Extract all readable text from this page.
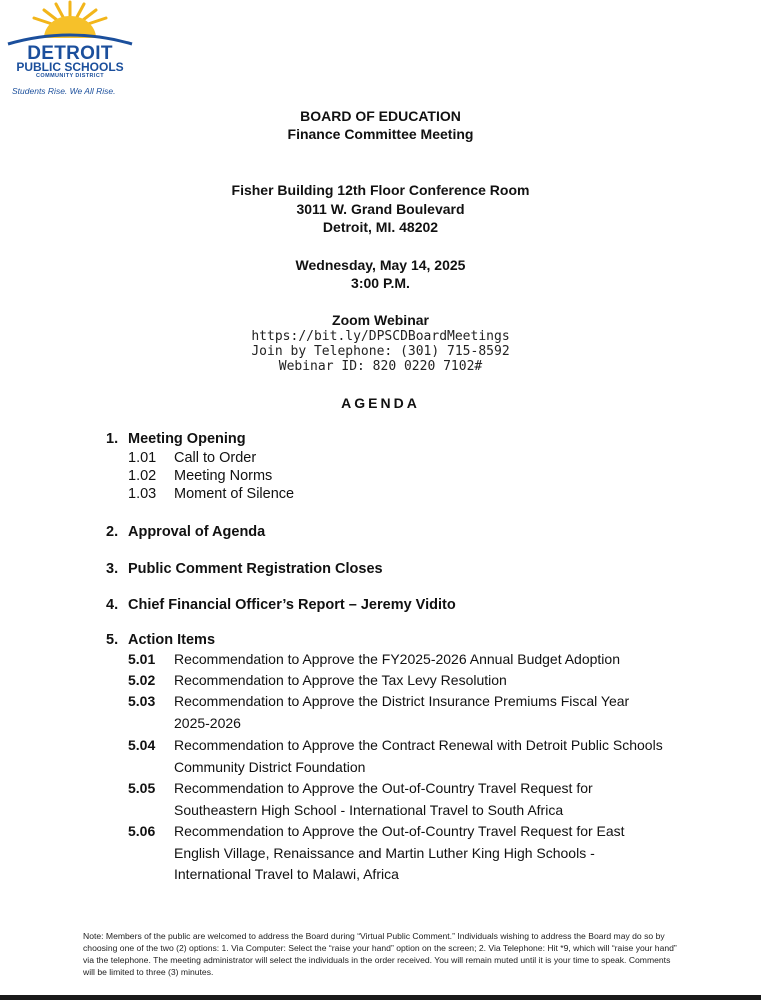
DETROIT
PUBLIC SCHOOLS
COMMUNITY DISTRICT
Students Rise. We All Rise.
BOARD OF EDUCATION
Finance Committee Meeting
Fisher Building 12th Floor Conference Room
3011 W. Grand Boulevard
Detroit, MI. 48202
Wednesday, May 14, 2025
3:00 P.M.
Zoom Webinar
https://bit.ly/DPSCDBoardMeetings
Join by Telephone: (301) 715-8592
Webinar ID: 820 0220 7102#
AGENDA
1. Meeting Opening
1.01 Call to Order
1.02 Meeting Norms
1.03 Moment of Silence
2. Approval of Agenda
3. Public Comment Registration Closes
4. Chief Financial Officer’s Report – Jeremy Vidito
5. Action Items
5.01	Recommendation to Approve the FY2025-2026 Annual Budget Adoption
5.02	Recommendation to Approve the Tax Levy Resolution
5.03	Recommendation to Approve the District Insurance Premiums Fiscal Year 2025-2026
5.04	Recommendation to Approve the Contract Renewal with Detroit Public Schools Community District Foundation
5.05	Recommendation to Approve the Out-of-Country Travel Request for Southeastern High School - International Travel to South Africa
5.06	Recommendation to Approve the Out-of-Country Travel Request for East English Village, Renaissance and Martin Luther King High Schools - International Travel to Malawi, Africa
Note: Members of the public are welcomed to address the Board during “Virtual Public Comment.” Individuals wishing to address the Board may do so by choosing one of the two (2) options: 1. Via Computer: Select the “raise your hand” option on the screen; 2. Via Telephone: Hit *9, which will “raise your hand” via the telephone. The meeting administrator will select the individuals in the order received. You will remain muted until it is your time to speak. Comments will be limited to three (3) minutes.
